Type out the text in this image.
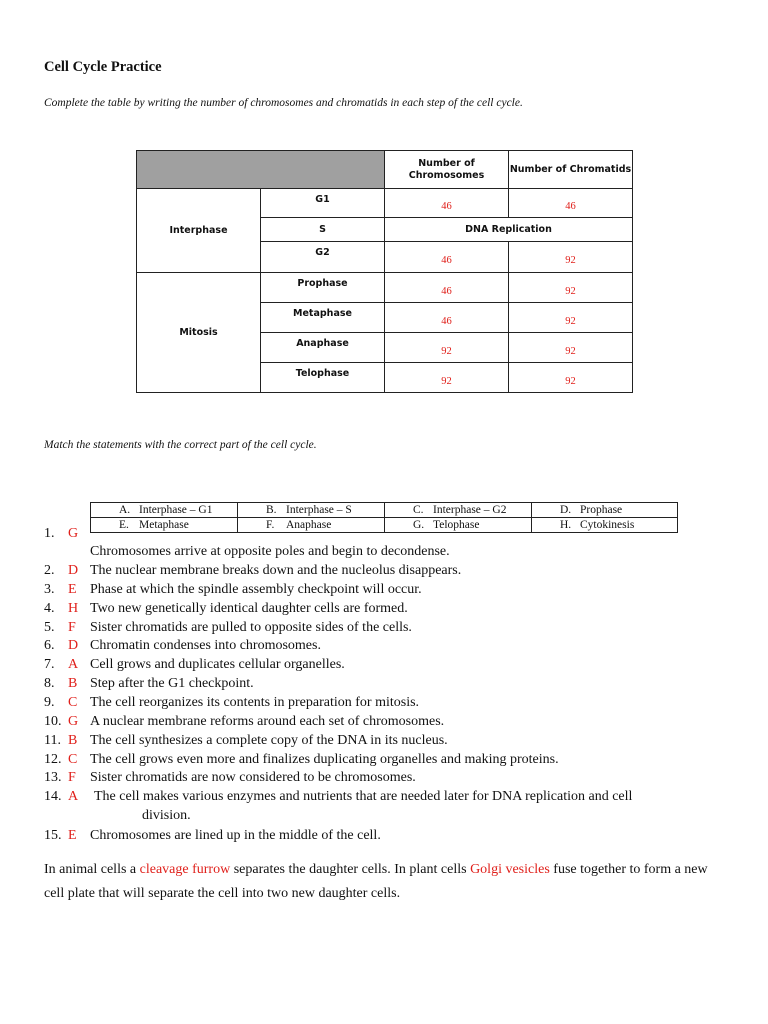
Cell Cycle Practice
Complete the table by writing the number of chromosomes and chromatids in each step of the cell cycle.
		Number of Chromosomes	Number of Chromatids
Interphase	G1	46	46
	S	DNA Replication	
	G2	46	92
Mitosis	Prophase	46	92
	Metaphase	46	92
	Anaphase	92	92
	Telophase	92	92
Match the statements with the correct part of the cell cycle.
A. Interphase – G1	B. Interphase – S	C. Interphase – G2	D. Prophase
E. Metaphase	F. Anaphase	G. Telophase	H. Cytokinesis
1. G
Chromosomes arrive at opposite poles and begin to decondense.
2. D The nuclear membrane breaks down and the nucleolus disappears.
3. E Phase at which the spindle assembly checkpoint will occur.
4. H Two new genetically identical daughter cells are formed.
5. F	Sister chromatids are pulled to opposite sides of the cells.
6. D Chromatin condenses into chromosomes.
7. A Cell grows and duplicates cellular organelles.
8. B Step after the G1 checkpoint.
9. C The cell reorganizes its contents in preparation for mitosis.
10. G A nuclear membrane reforms around each set of chromosomes.
11. B The cell synthesizes a complete copy of the DNA in its nucleus.
12. C The cell grows even more and finalizes duplicating organelles and making proteins.
13. F	Sister chromatids are now considered to be chromosomes.
14. A	The cell makes various enzymes and nutrients that are needed later for DNA replication and cell
division.
15. E Chromosomes are lined up in the middle of the cell.
In animal cells a cleavage furrow separates the daughter cells. In plant cells Golgi vesicles fuse together to form a new cell plate that will separate the cell into two new daughter cells.
